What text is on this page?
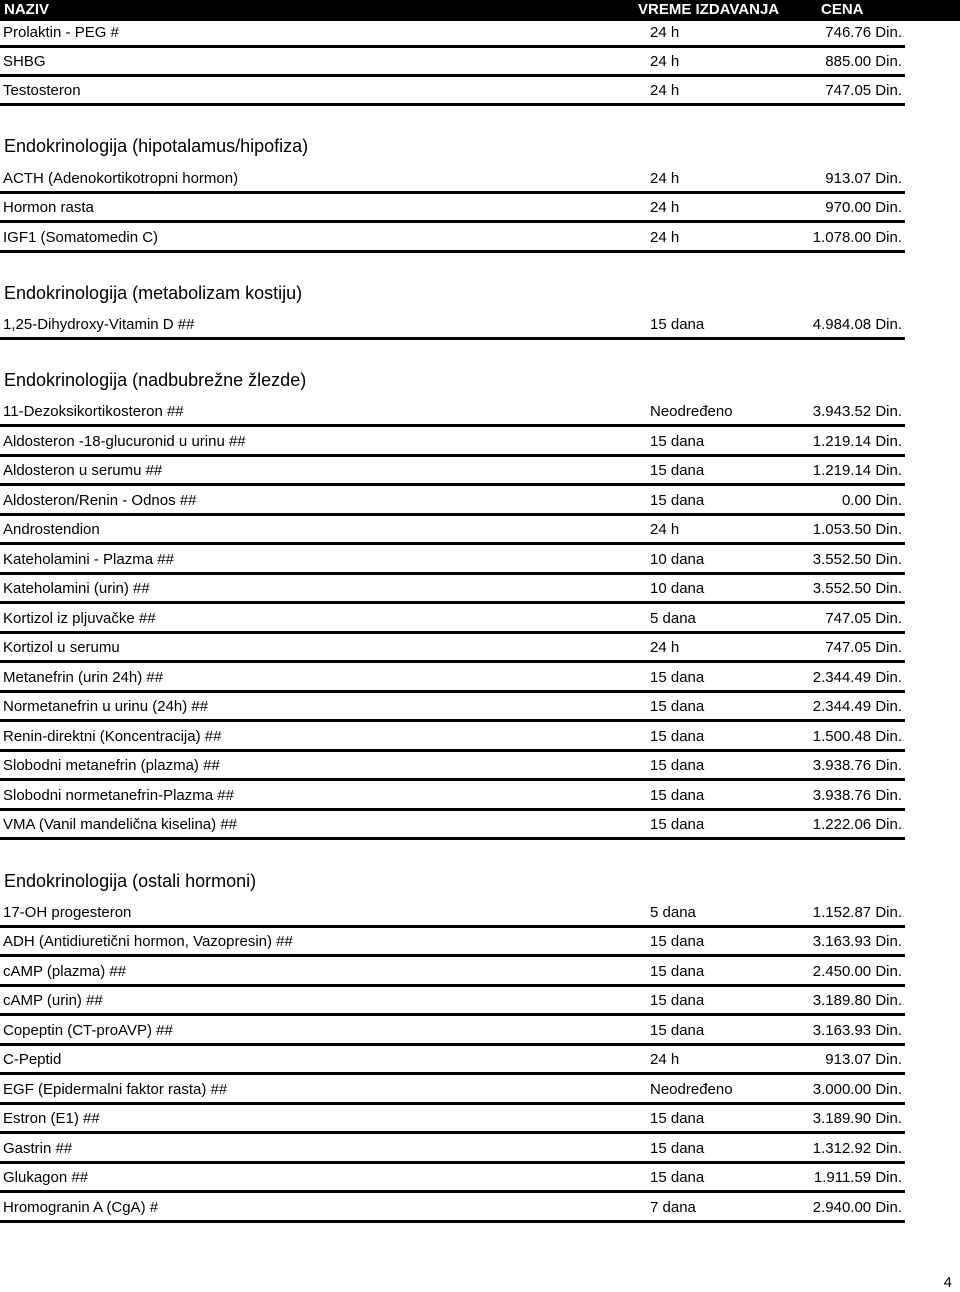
NAZIV	VREME IZDAVANJA	CENA
Prolaktin - PEG #	24 h	746.76 Din.
SHBG	24 h	885.00 Din.
Testosteron	24 h	747.05 Din.
Endokrinologija (hipotalamus/hipofiza)
ACTH (Adenokortikotropni hormon)	24 h	913.07 Din.
Hormon rasta	24 h	970.00 Din.
IGF1 (Somatomedin C)	24 h	1.078.00 Din.
Endokrinologija (metabolizam kostiju)
1,25-Dihydroxy-Vitamin D ##	15 dana	4.984.08 Din.
Endokrinologija (nadbubrežne žlezde)
11-Dezoksikortikosteron ##	Neodređeno	3.943.52 Din.
Aldosteron -18-glucuronid u urinu ##	15 dana	1.219.14 Din.
Aldosteron u serumu ##	15 dana	1.219.14 Din.
Aldosteron/Renin - Odnos ##	15 dana	0.00 Din.
Androstendion	24 h	1.053.50 Din.
Kateholamini - Plazma ##	10 dana	3.552.50 Din.
Kateholamini (urin) ##	10 dana	3.552.50 Din.
Kortizol iz pljuvačke ##	5 dana	747.05 Din.
Kortizol u serumu	24 h	747.05 Din.
Metanefrin (urin 24h) ##	15 dana	2.344.49 Din.
Normetanefrin u urinu (24h) ##	15 dana	2.344.49 Din.
Renin-direktni (Koncentracija) ##	15 dana	1.500.48 Din.
Slobodni metanefrin (plazma) ##	15 dana	3.938.76 Din.
Slobodni normetanefrin-Plazma ##	15 dana	3.938.76 Din.
VMA (Vanil mandelična kiselina) ##	15 dana	1.222.06 Din.
Endokrinologija (ostali hormoni)
17-OH progesteron	5 dana	1.152.87 Din.
ADH (Antidiuretični hormon, Vazopresin) ##	15 dana	3.163.93 Din.
cAMP (plazma) ##	15 dana	2.450.00 Din.
cAMP (urin) ##	15 dana	3.189.80 Din.
Copeptin (CT-proAVP) ##	15 dana	3.163.93 Din.
C-Peptid	24 h	913.07 Din.
EGF (Epidermalni faktor rasta) ##	Neodređeno	3.000.00 Din.
Estron (E1) ##	15 dana	3.189.90 Din.
Gastrin ##	15 dana	1.312.92 Din.
Glukagon ##	15 dana	1.911.59 Din.
Hromogranin A (CgA) #	7 dana	2.940.00 Din.
4
